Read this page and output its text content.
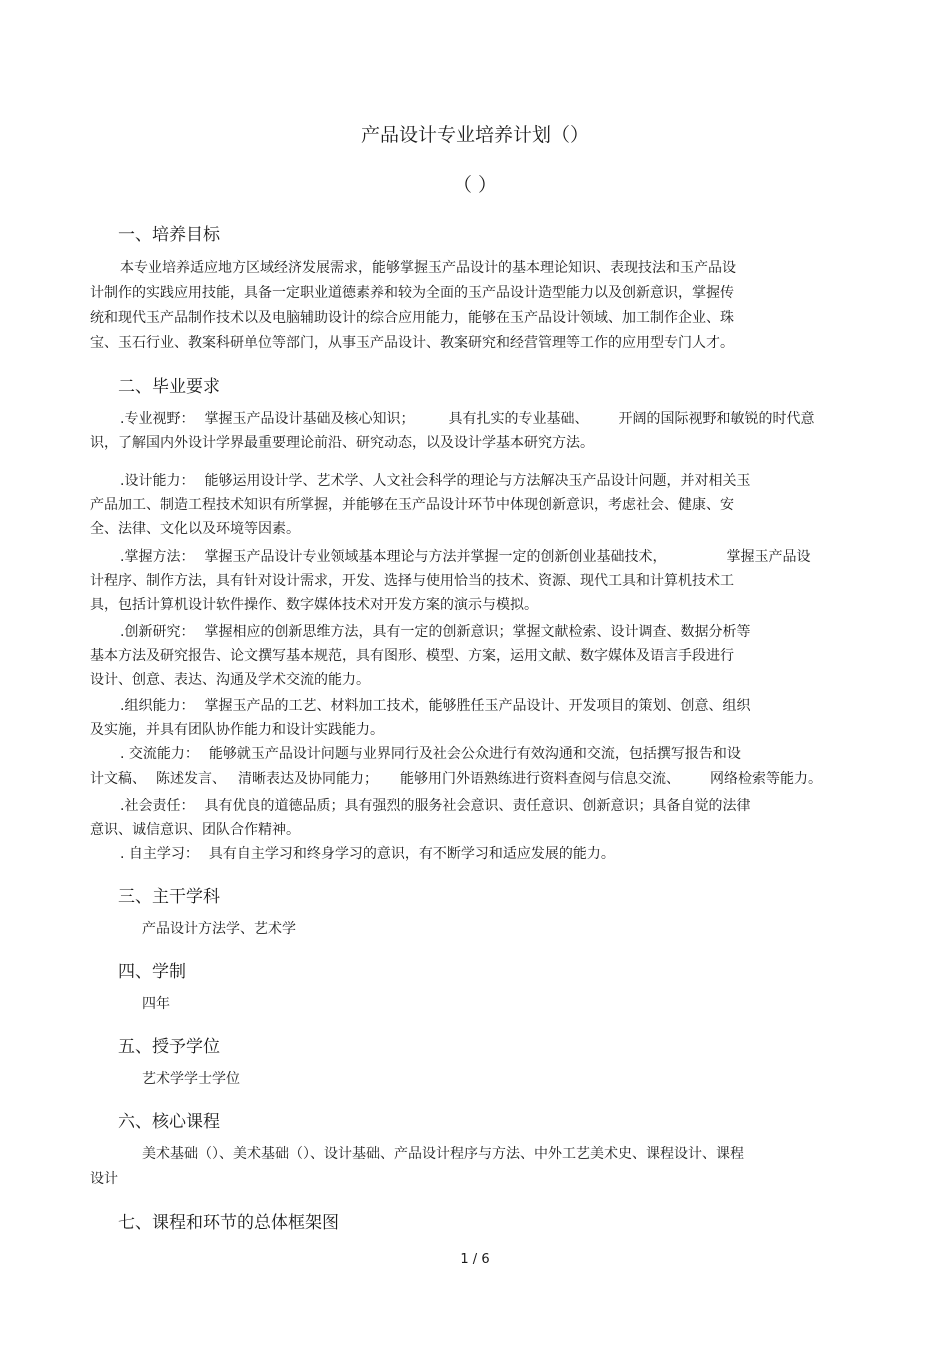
产品设计专业培养计划（）
（ ）
一、培养目标
本专业培养适应地方区域经济发展需求，能够掌握玉产品设计的基本理论知识、表现技法和玉产品设
计制作的实践应用技能，具备一定职业道德素养和较为全面的玉产品设计造型能力以及创新意识，掌握传
统和现代玉产品制作技术以及电脑辅助设计的综合应用能力，能够在玉产品设计领域、加工制作企业、珠
宝、玉石行业、教案科研单位等部门，从事玉产品设计、教案研究和经营管理等工作的应用型专门人才。
二、毕业要求
.专业视野： 掌握玉产品设计基础及核心知识； 具有扎实的专业基础、 开阔的国际视野和敏锐的时代意
识，了解国内外设计学界最重要理论前沿、研究动态，以及设计学基本研究方法。
.设计能力： 能够运用设计学、艺术学、人文社会科学的理论与方法解决玉产品设计问题，并对相关玉
产品加工、制造工程技术知识有所掌握，并能够在玉产品设计环节中体现创新意识，考虑社会、健康、安
全、法律、文化以及环境等因素。
.掌握方法： 掌握玉产品设计专业领域基本理论与方法并掌握一定的创新创业基础技术，	掌握玉产品设
计程序、制作方法，具有针对设计需求，开发、选择与使用恰当的技术、资源、现代工具和计算机技术工
具，包括计算机设计软件操作、数字媒体技术对开发方案的演示与模拟。
.创新研究： 掌握相应的创新思维方法，具有一定的创新意识；掌握文献检索、设计调查、数据分析等
基本方法及研究报告、论文撰写基本规范，具有图形、模型、方案，运用文献、数字媒体及语言手段进行
设计、创意、表达、沟通及学术交流的能力。
.组织能力： 掌握玉产品的工艺、材料加工技术，能够胜任玉产品设计、开发项目的策划、创意、组织
及实施，并具有团队协作能力和设计实践能力。
. 交流能力： 能够就玉产品设计问题与业界同行及社会公众进行有效沟通和交流，包括撰写报告和设
计文稿、 陈述发言、 清晰表达及协同能力； 能够用门外语熟练进行资料查阅与信息交流、 网络检索等能力。
.社会责任： 具有优良的道德品质；具有强烈的服务社会意识、责任意识、创新意识；具备自觉的法律
意识、诚信意识、团队合作精神。
. 自主学习： 具有自主学习和终身学习的意识，有不断学习和适应发展的能力。
三、主干学科
产品设计方法学、艺术学
四、学制
四年
五、授予学位
艺术学学士学位
六、核心课程
美术基础（）、美术基础（）、设计基础、产品设计程序与方法、中外工艺美术史、课程设计、课程
设计
七、课程和环节的总体框架图
1 / 6
